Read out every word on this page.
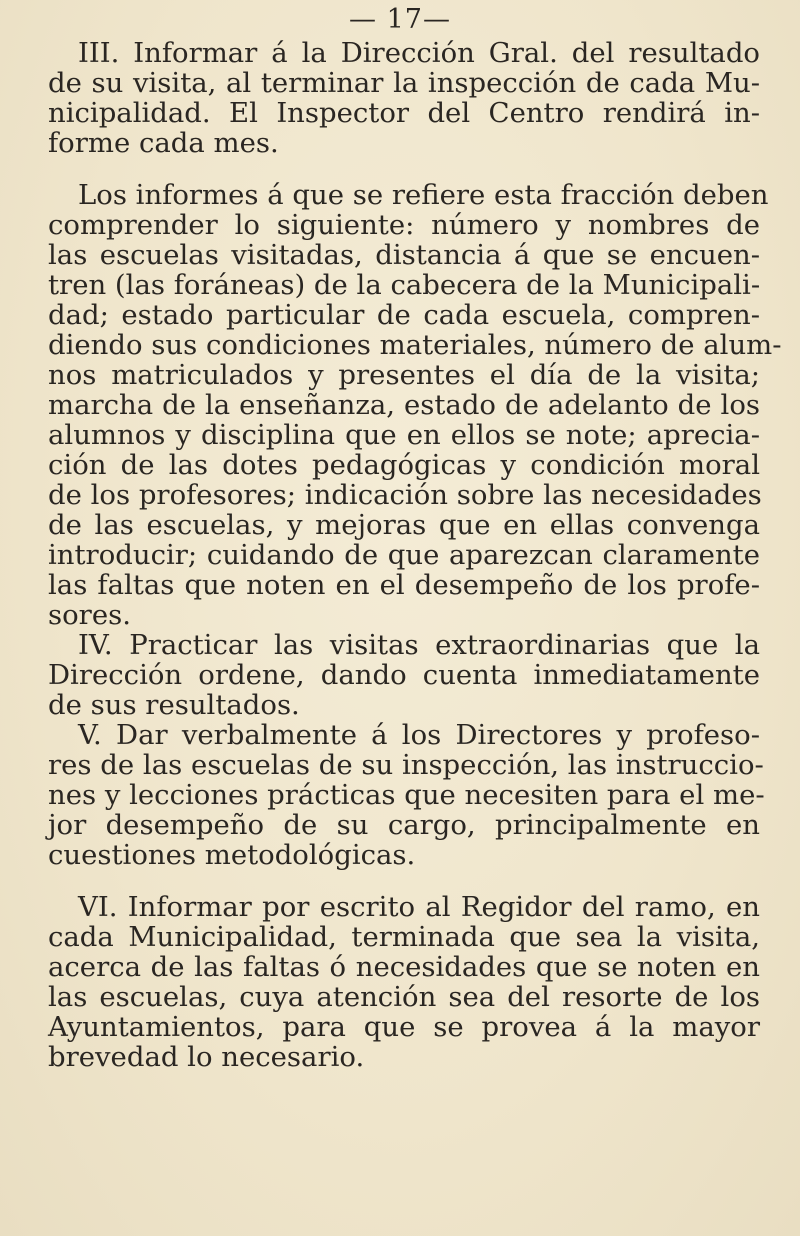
— 17—
III. Informar á la Dirección Gral. del resultado
de su visita, al terminar la inspección de cada Mu-
nicipalidad. El Inspector del Centro rendirá in-
forme cada mes.
Los informes á que se refiere esta fracción deben
comprender lo siguiente: número y nombres de
las escuelas visitadas, distancia á que se encuen-
tren (las foráneas) de la cabecera de la Municipali-
dad; estado particular de cada escuela, compren-
diendo sus condiciones materiales, número de alum-
nos matriculados y presentes el día de la visita;
marcha de la enseñanza, estado de adelanto de los
alumnos y disciplina que en ellos se note; aprecia-
ción de las dotes pedagógicas y condición moral
de los profesores; indicación sobre las necesidades
de las escuelas, y mejoras que en ellas convenga
introducir; cuidando de que aparezcan claramente
las faltas que noten en el desempeño de los profe-
sores.
IV. Practicar las visitas extraordinarias que la
Dirección ordene, dando cuenta inmediatamente
de sus resultados.
V. Dar verbalmente á los Directores y profeso-
res de las escuelas de su inspección, las instruccio-
nes y lecciones prácticas que necesiten para el me-
jor desempeño de su cargo, principalmente en
cuestiones metodológicas.
VI. Informar por escrito al Regidor del ramo, en
cada Municipalidad, terminada que sea la visita,
acerca de las faltas ó necesidades que se noten en
las escuelas, cuya atención sea del resorte de los
Ayuntamientos, para que se provea á la mayor
brevedad lo necesario.
